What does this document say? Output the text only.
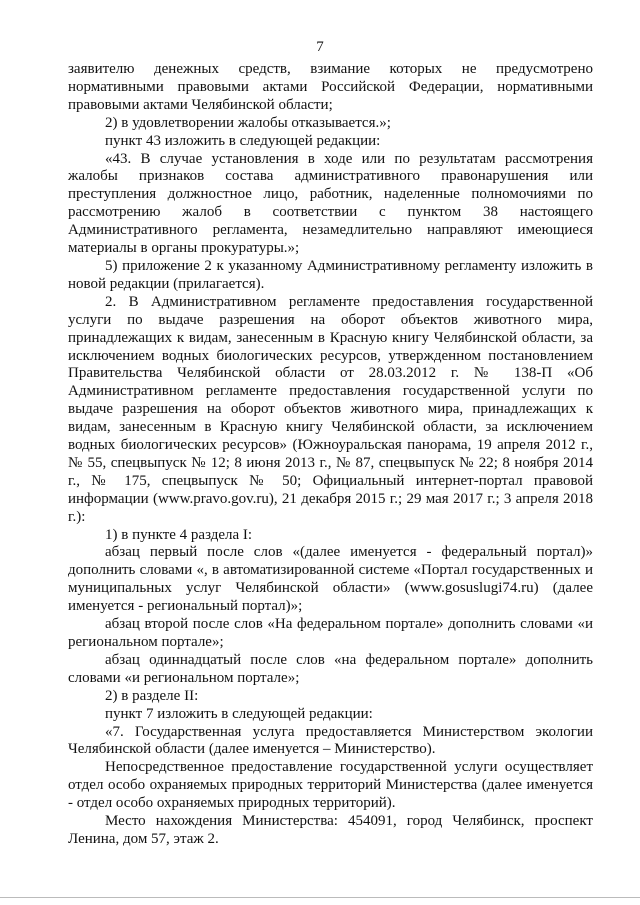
7

заявителю денежных средств, взимание которых не предусмотрено нормативными правовыми актами Российской Федерации, нормативными правовыми актами Челябинской области;

2) в удовлетворении жалобы отказывается.»;

пункт 43 изложить в следующей редакции:

«43. В случае установления в ходе или по результатам рассмотрения жалобы признаков состава административного правонарушения или преступления должностное лицо, работник, наделенные полномочиями по рассмотрению жалоб в соответствии с пунктом 38 настоящего Административного регламента, незамедлительно направляют имеющиеся материалы в органы прокуратуры.»;

5) приложение 2 к указанному Административному регламенту изложить в новой редакции (прилагается).

2. В Административном регламенте предоставления государственной услуги по выдаче разрешения на оборот объектов животного мира, принадлежащих к видам, занесенным в Красную книгу Челябинской области, за исключением водных биологических ресурсов, утвержденном постановлением Правительства Челябинской области от 28.03.2012 г. № 138-П «Об Административном регламенте предоставления государственной услуги по выдаче разрешения на оборот объектов животного мира, принадлежащих к видам, занесенным в Красную книгу Челябинской области, за исключением водных биологических ресурсов» (Южноуральская панорама, 19 апреля 2012 г., № 55, спецвыпуск № 12; 8 июня 2013 г., № 87, спецвыпуск № 22; 8 ноября 2014 г., № 175, спецвыпуск № 50; Официальный интернет-портал правовой информации (www.pravo.gov.ru), 21 декабря 2015 г.; 29 мая 2017 г.; 3 апреля 2018 г.):

1) в пункте 4 раздела I:

абзац первый после слов «(далее именуется - федеральный портал)» дополнить словами «, в автоматизированной системе «Портал государственных и муниципальных услуг Челябинской области» (www.gosuslugi74.ru) (далее именуется - региональный портал)»;

абзац второй после слов «На федеральном портале» дополнить словами «и региональном портале»;

абзац одиннадцатый после слов «на федеральном портале» дополнить словами «и региональном портале»;

2) в разделе II:

пункт 7 изложить в следующей редакции:

«7. Государственная услуга предоставляется Министерством экологии Челябинской области (далее именуется – Министерство).

Непосредственное предоставление государственной услуги осуществляет отдел особо охраняемых природных территорий Министерства (далее именуется - отдел особо охраняемых природных территорий).

Место нахождения Министерства: 454091, город Челябинск, проспект Ленина, дом 57, этаж 2.
